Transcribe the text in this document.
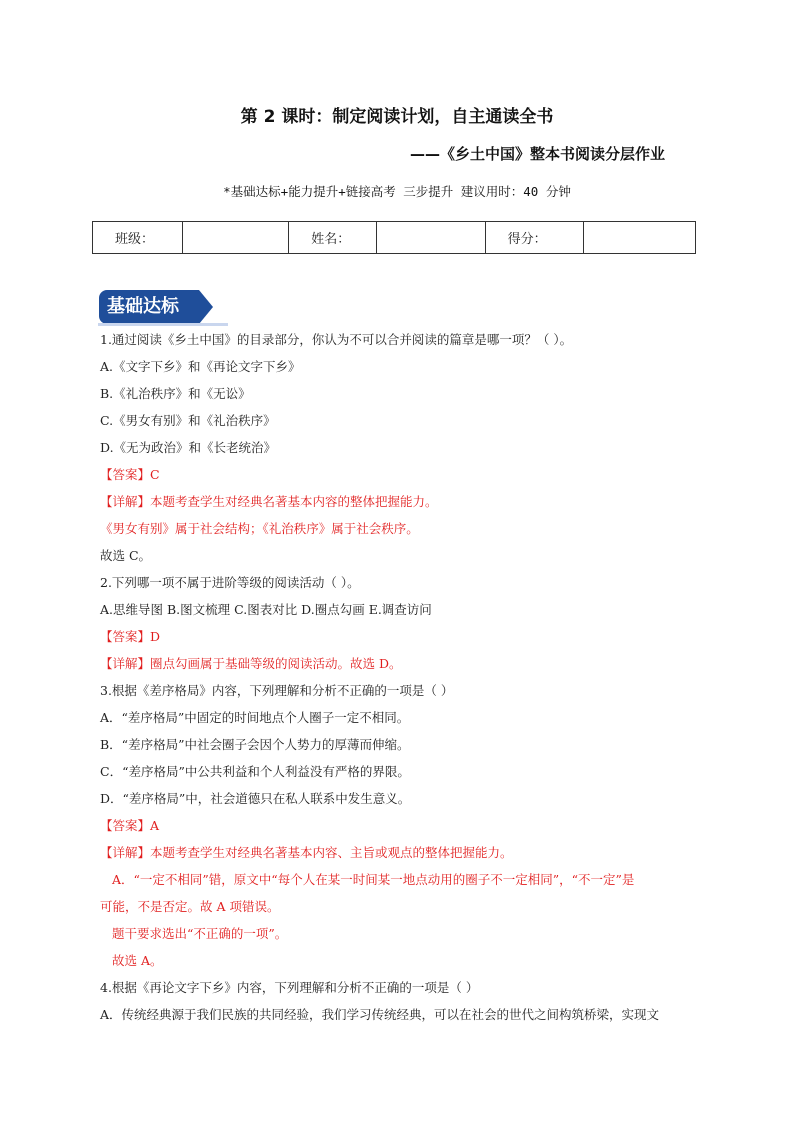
第 2 课时：制定阅读计划，自主通读全书
——《乡土中国》整本书阅读分层作业
*基础达标+能力提升+链接高考 三步提升 建议用时：40 分钟
班级：		姓名：		得分：	
基础达标
1.通过阅读《乡土中国》的目录部分，你认为不可以合并阅读的篇章是哪一项？（ ）。
A.《文字下乡》和《再论文字下乡》
B.《礼治秩序》和《无讼》
C.《男女有别》和《礼治秩序》
D.《无为政治》和《长老统治》
【答案】C
【详解】本题考查学生对经典名著基本内容的整体把握能力。
《男女有别》属于社会结构；《礼治秩序》属于社会秩序。
故选 C。
2.下列哪一项不属于进阶等级的阅读活动（ ）。
A.思维导图 B.图文梳理 C.图表对比 D.圈点勾画 E.调查访问
【答案】D
【详解】圈点勾画属于基础等级的阅读活动。故选 D。
3.根据《差序格局》内容，下列理解和分析不正确的一项是（ ）
A．“差序格局”中固定的时间地点个人圈子一定不相同。
B．“差序格局”中社会圈子会因个人势力的厚薄而伸缩。
C．“差序格局”中公共利益和个人利益没有严格的界限。
D．“差序格局”中，社会道德只在私人联系中发生意义。
【答案】A
【详解】本题考查学生对经典名著基本内容、主旨或观点的整体把握能力。
A．“一定不相同”错，原文中“每个人在某一时间某一地点动用的圈子不一定相同”，“不一定”是
可能，不是否定。故 A 项错误。
题干要求选出“不正确的一项”。
故选 A。
4.根据《再论文字下乡》内容，下列理解和分析不正确的一项是（ ）
A．传统经典源于我们民族的共同经验，我们学习传统经典，可以在社会的世代之间构筑桥梁，实现文
